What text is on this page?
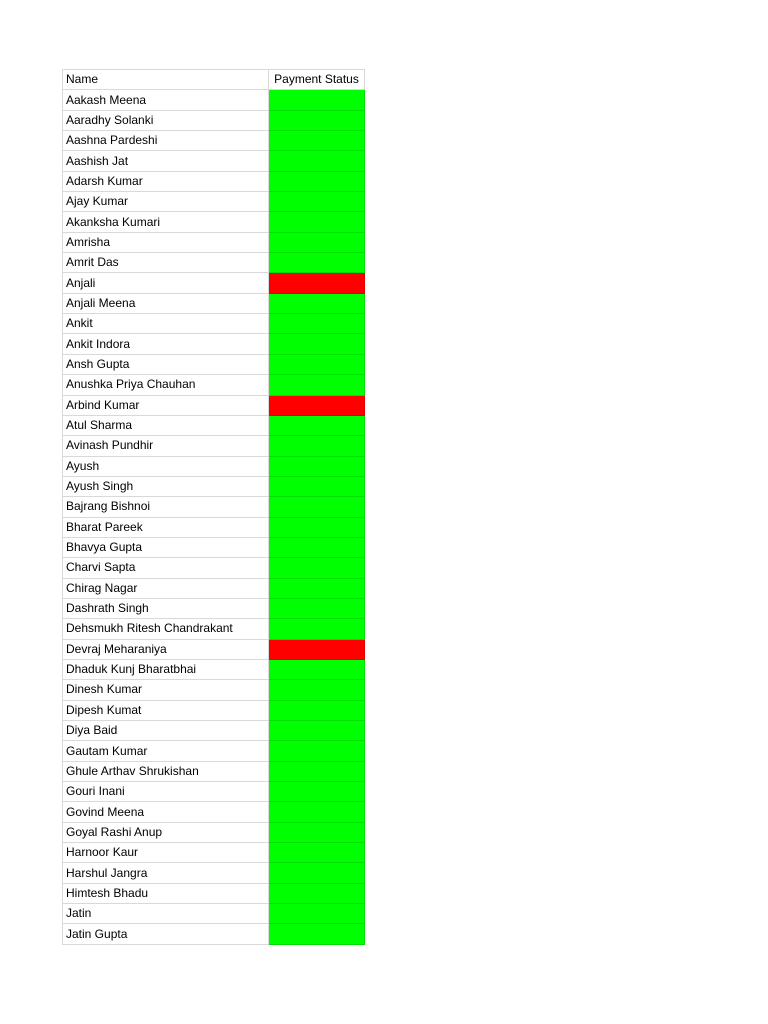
Name	Payment Status
Aakash Meena	
Aaradhy Solanki	
Aashna Pardeshi	
Aashish Jat	
Adarsh Kumar	
Ajay Kumar	
Akanksha Kumari	
Amrisha	
Amrit Das	
Anjali	
Anjali Meena	
Ankit	
Ankit Indora	
Ansh Gupta	
Anushka Priya Chauhan	
Arbind Kumar	
Atul Sharma	
Avinash Pundhir	
Ayush	
Ayush Singh	
Bajrang Bishnoi	
Bharat Pareek	
Bhavya Gupta	
Charvi Sapta	
Chirag Nagar	
Dashrath Singh	
Dehsmukh Ritesh Chandrakant	
Devraj Meharaniya	
Dhaduk Kunj Bharatbhai	
Dinesh Kumar	
Dipesh Kumat	
Diya Baid	
Gautam Kumar	
Ghule Arthav Shrukishan	
Gouri Inani	
Govind Meena	
Goyal Rashi Anup	
Harnoor Kaur	
Harshul Jangra	
Himtesh Bhadu	
Jatin	
Jatin Gupta	
